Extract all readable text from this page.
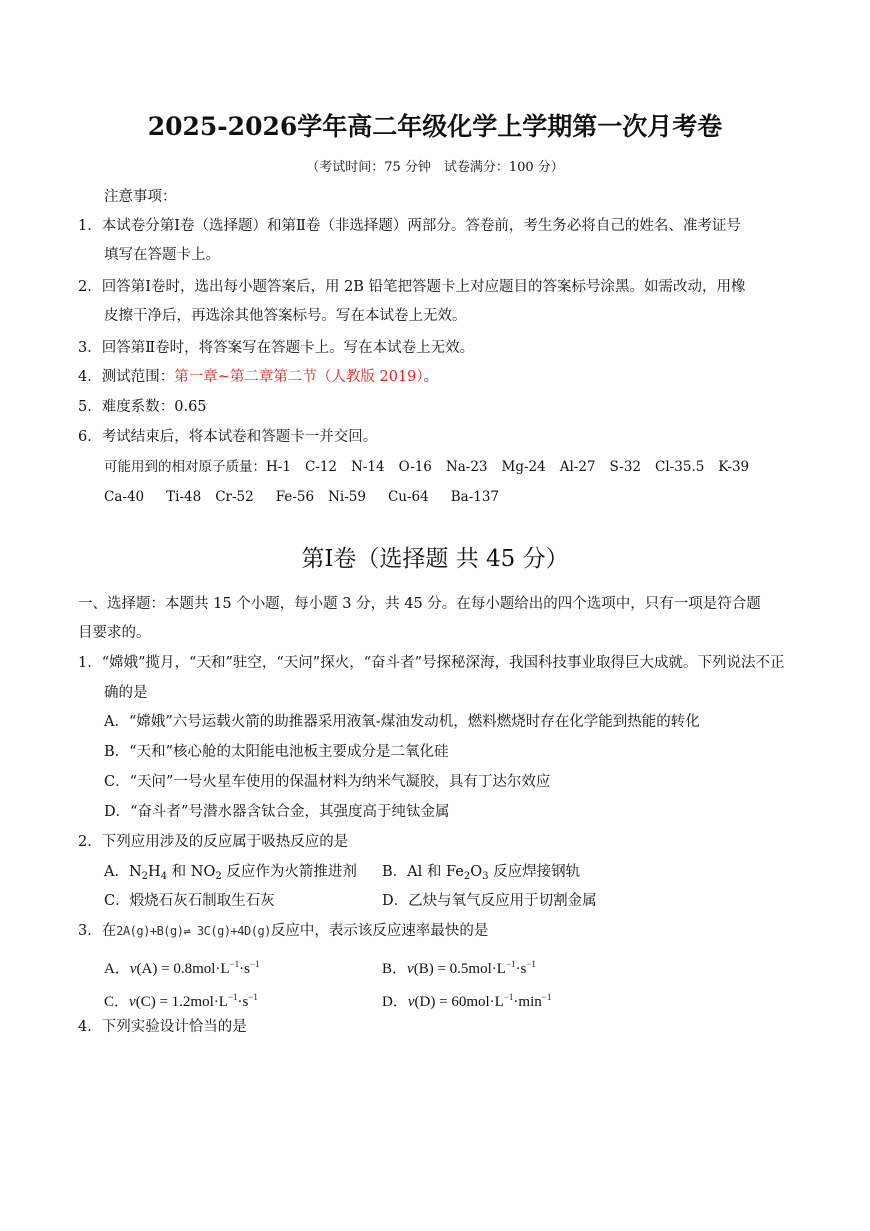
2025-2026学年高二年级化学上学期第一次月考卷
（考试时间：75 分钟　试卷满分：100 分）
注意事项：
1．本试卷分第Ⅰ卷（选择题）和第Ⅱ卷（非选择题）两部分。答卷前，考生务必将自己的姓名、准考证号
填写在答题卡上。
2．回答第Ⅰ卷时，选出每小题答案后，用 2B 铅笔把答题卡上对应题目的答案标号涂黑。如需改动，用橡
皮擦干净后，再选涂其他答案标号。写在本试卷上无效。
3．回答第Ⅱ卷时，将答案写在答题卡上。写在本试卷上无效。
4．测试范围：第一章~第二章第二节（人教版 2019）。
5．难度系数：0.65
6．考试结束后，将本试卷和答题卡一并交回。
可能用到的相对原子质量：H-1 C-12 N-14 O-16 Na-23 Mg-24 Al-27 S-32 Cl-35.5 K-39
Ca-40 Ti-48 Cr-52 Fe-56 Ni-59 Cu-64 Ba-137
第Ⅰ卷（选择题 共 45 分）
一、选择题：本题共 15 个小题，每小题 3 分，共 45 分。在每小题给出的四个选项中，只有一项是符合题
目要求的。
1．“嫦娥”揽月，“天和”驻空，“天问”探火，“奋斗者”号探秘深海，我国科技事业取得巨大成就。下列说法不正
确的是
A．“嫦娥”六号运载火箭的助推器采用液氧-煤油发动机，燃料燃烧时存在化学能到热能的转化
B．“天和”核心舱的太阳能电池板主要成分是二氧化硅
C．“天问”一号火星车使用的保温材料为纳米气凝胶，具有丁达尔效应
D．“奋斗者”号潜水器含钛合金，其强度高于纯钛金属
2．下列应用涉及的反应属于吸热反应的是
A．$N_2H_4$ 和 $NO_2$ 反应作为火箭推进剂 B．Al 和 $Fe_2O_3$ 反应焊接钢轨
C．煅烧石灰石制取生石灰	D．乙炔与氧气反应用于切割金属
3．在2A(g)+B(g)⇌ 3C(g)+4D(g)反应中，表示该反应速率最快的是
A．$v(A) = 0.8mol\cdot L^{-1}\cdot s^{-1}$	B．$v(B) = 0.5mol\cdot L^{-1}\cdot s^{-1}$
C．$v(C) = 1.2mol\cdot L^{-1}\cdot s^{-1}$	D．$v(D) = 60mol\cdot L^{-1}\cdot\min^{-1}$
4．下列实验设计恰当的是
